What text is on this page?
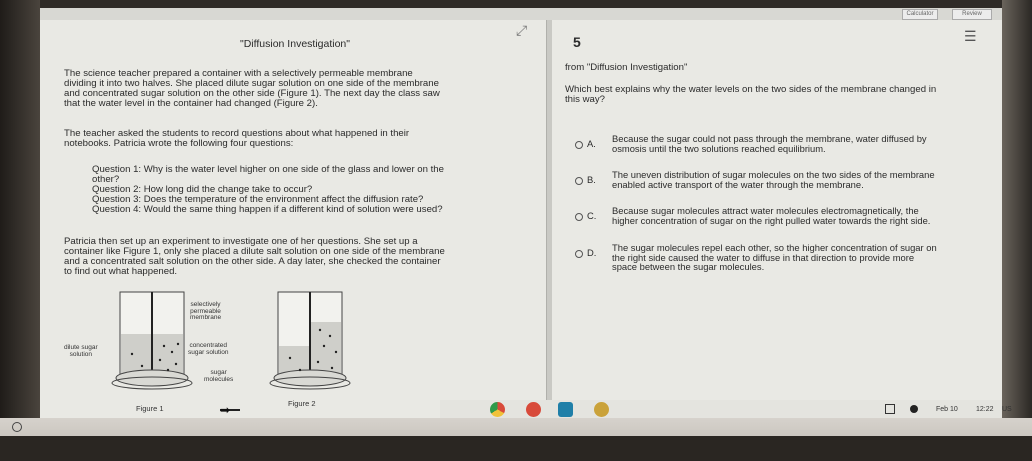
Calculator	Review
"Diffusion Investigation"
The science teacher prepared a container with a selectively permeable membrane
dividing it into two halves. She placed dilute sugar solution on one side of the membrane
and concentrated sugar solution on the other side (Figure 1). The next day the class saw
that the water level in the container had changed (Figure 2).
The teacher asked the students to record questions about what happened in their
notebooks. Patricia wrote the following four questions:
Question 1: Why is the water level higher on one side of the glass and lower on the
other?
Question 2: How long did the change take to occur?
Question 3: Does the temperature of the environment affect the diffusion rate?
Question 4: Would the same thing happen if a different kind of solution were used?
Patricia then set up an experiment to investigate one of her questions. She set up a
container like Figure 1, only she placed a dilute salt solution on one side of the membrane
and a concentrated salt solution on the other side. A day later, she checked the container
to find out what happened.
selectively
permeable
membrane
dilute sugar
solution
concentrated
sugar solution
sugar
molecules
Figure 1	➡	Figure 2
⤢
5	☰
from "Diffusion Investigation"
Which best explains why the water levels on the two sides of the membrane changed in
this way?
A. Because the sugar could not pass through the membrane, water diffused by
osmosis until the two solutions reached equilibrium.
B. The uneven distribution of sugar molecules on the two sides of the membrane
enabled active transport of the water through the membrane.
C. Because sugar molecules attract water molecules electromagnetically, the
higher concentration of sugar on the right pulled water towards the right side.
D. The sugar molecules repel each other, so the higher concentration of sugar on
the right side caused the water to diffuse in that direction to provide more
space between the sugar molecules.
Feb 10	12:22 US
